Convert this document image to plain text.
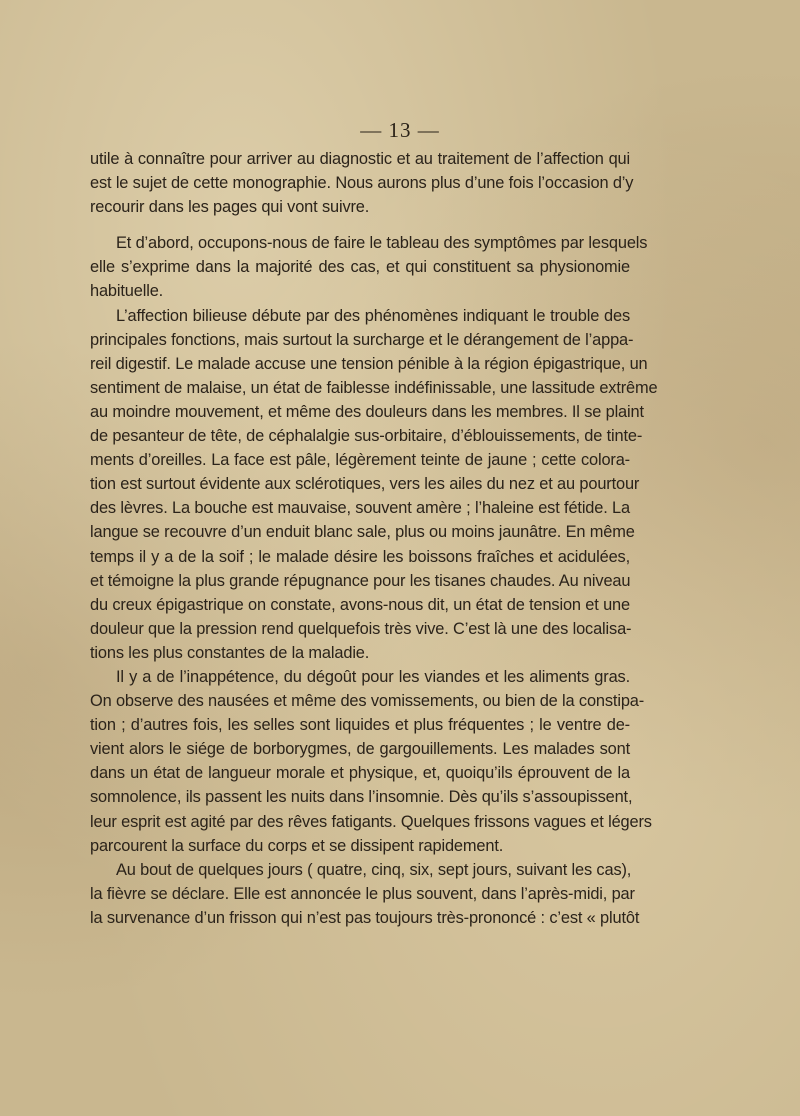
— 13 —
utile à connaître pour arriver au diagnostic et au traitement de l’affection qui
est le sujet de cette monographie. Nous aurons plus d’une fois l’occasion d’y
recourir dans les pages qui vont suivre.
Et d’abord, occupons-nous de faire le tableau des symptômes par lesquels
elle s’exprime dans la majorité des cas, et qui constituent sa physionomie
habituelle.
L’affection bilieuse débute par des phénomènes indiquant le trouble des
principales fonctions, mais surtout la surcharge et le dérangement de l’appa-
reil digestif. Le malade accuse une tension pénible à la région épigastrique, un
sentiment de malaise, un état de faiblesse indéfinissable, une lassitude extrême
au moindre mouvement, et même des douleurs dans les membres. Il se plaint
de pesanteur de tête, de céphalalgie sus-orbitaire, d’éblouissements, de tinte-
ments d’oreilles. La face est pâle, légèrement teinte de jaune ; cette colora-
tion est surtout évidente aux sclérotiques, vers les ailes du nez et au pourtour
des lèvres. La bouche est mauvaise, souvent amère ; l’haleine est fétide. La
langue se recouvre d’un enduit blanc sale, plus ou moins jaunâtre. En même
temps il y a de la soif ; le malade désire les boissons fraîches et acidulées,
et témoigne la plus grande répugnance pour les tisanes chaudes. Au niveau
du creux épigastrique on constate, avons-nous dit, un état de tension et une
douleur que la pression rend quelquefois très vive. C’est là une des localisa-
tions les plus constantes de la maladie.
Il y a de l’inappétence, du dégoût pour les viandes et les aliments gras.
On observe des nausées et même des vomissements, ou bien de la constipa-
tion ; d’autres fois, les selles sont liquides et plus fréquentes ; le ventre de-
vient alors le siége de borborygmes, de gargouillements. Les malades sont
dans un état de langueur morale et physique, et, quoiqu’ils éprouvent de la
somnolence, ils passent les nuits dans l’insomnie. Dès qu’ils s’assoupissent,
leur esprit est agité par des rêves fatigants. Quelques frissons vagues et légers
parcourent la surface du corps et se dissipent rapidement.
Au bout de quelques jours ( quatre, cinq, six, sept jours, suivant les cas),
la fièvre se déclare. Elle est annoncée le plus souvent, dans l’après-midi, par
la survenance d’un frisson qui n’est pas toujours très-prononcé : c’est « plutôt
